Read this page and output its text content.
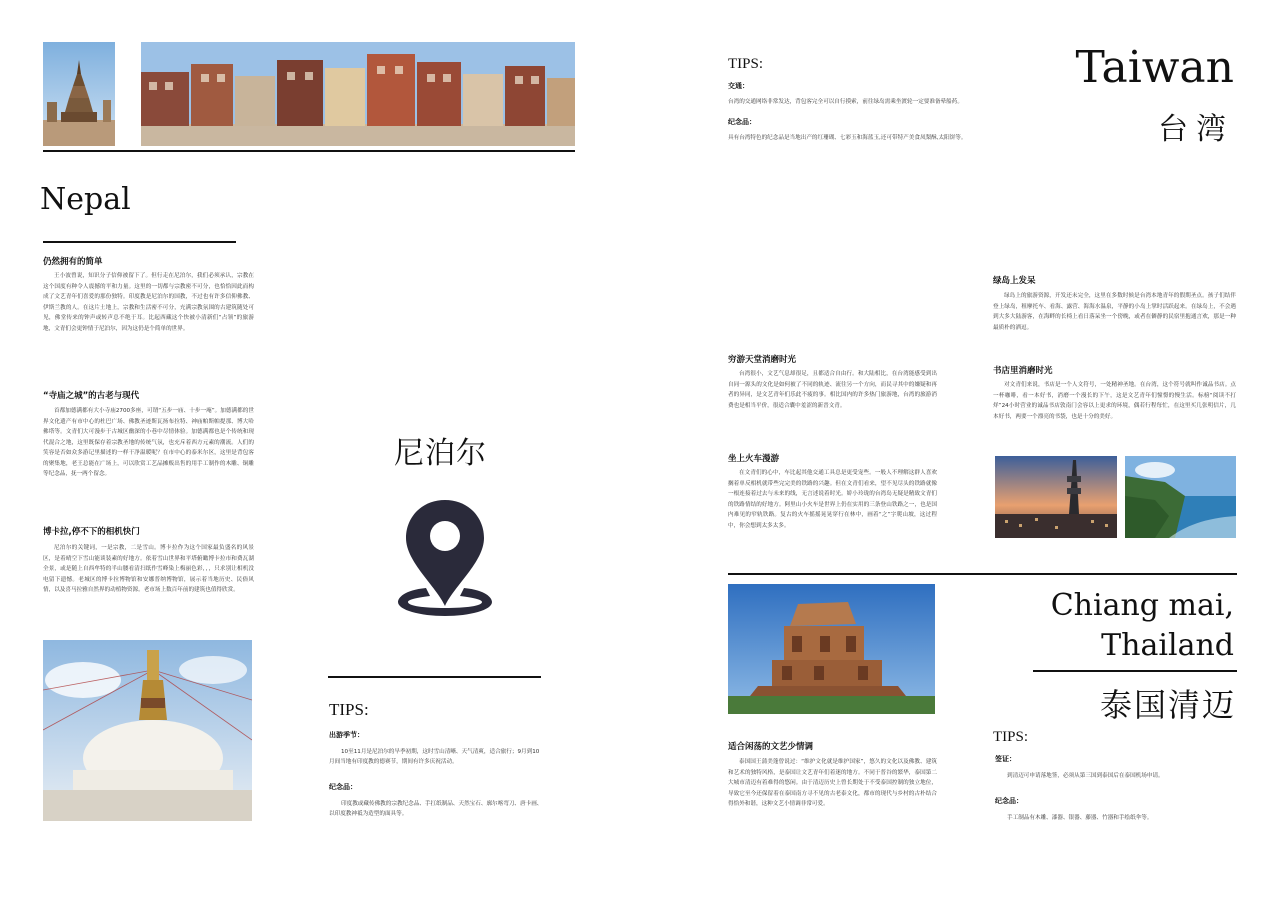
Nepal
仍然拥有的简单
王小波曾说，知识分子信仰被留下了。但行走在尼泊尔，我们必须承认，宗教在这个国度有种令人震撼的平和力量。这里的一切都与宗教密不可分，也恰恰因此而构成了文艺青年们喜爱的那份独特。印度教是尼泊尔的国教，不过也有许多信仰佛教、伊斯兰教的人。在这片土地上，宗教和生活密不可分，充满宗教氛围的古建筑随处可见，佛堂传来的钟声或转声总不绝于耳。比起西藏这个快被小清新们“占领”的旅游地，文青们会更钟情于尼泊尔，因为这仍是个简单的世界。
“寺庙之城”的古老与现代
首都加德满都有大小寺庙2700多座，可谓“五步一庙、十步一庵”。加德满都的世界文化遗产有市中心的杜巴广场、佛教圣迹斯瓦扬布拉特、神庙帕斯帕提那、博大哈佛塔等。文青们大可漫步于古城区幽深的小巷中尽情体验。加德满都也是个传统和现代混合之地，这里既保存着宗教圣地的传统气氛，也充斥着西方元素的潮流。人们的笑容是否如众多游记里描述的一样干净温暖呢？在市中心的泰米尔区，这里是背包客的聚集地，老王总能在广场上，可以欣赏工艺品摊贩出售的用手工制作的木雕、铜雕等纪念品，抚一两个留念。
博卡拉,停不下的相机快门
尼泊尔的关键词，一是宗教，二是雪山。博卡拉作为这个国家最负盛名的风景区，是着晴空下雪山能谈装素的好地方。依着雪山世界和平塔俯瞰博卡拉市和费瓦湖全景，或是随上自西牟特的半山腰看清扫纸作雪峰染上梅丽色彩，，，只求别让相机没电留下遗憾。老城区的博卡拉博物馆和安娜普纳博物馆，展示着当地历史、民俗风情，以及喜马拉雅自然界的动植物资源。老市场上数百年前的建筑也值得欣赏。
尼泊尔
TIPS:
出游季节：
10至11月是尼泊尔的旱季初期，这时雪山清晰、天气清爽，适合旅行；9月到10月间当地有印度教的德赛节，期间有许多庆祝活动。
纪念品：
印度教或藏传佛教的宗教纪念品、手扛纸制品、天然宝石、廓尔喀弯刀、唐卡画、以印度教神祗为造型的面具等。
TIPS:
交通：
台湾的交通网络非常发达，背包客完全可以自行摸索，前往绿岛需乘坐渡轮一定要准备晕船药。
纪念品：
具有台湾特色的纪念品是当地出产的红珊瑚、七彩玉和海蓝玉,还可带特产美食凤梨酥,太阳饼等。
Taiwan
台湾
绿岛上发呆
绿岛上的旅游资源，开发还未完全，这里在多数时候是台湾本地青年的假期圣点。孩子们结伴登上绿岛，租摩托车、看海、露营、海海水温泉，平静的小岛上掌时活跃起来。在绿岛上，不会遇到大多大陆游客，在海畔的长椅上看日落呆坐一个傍晚，或者在僻静的民宿里抱通言欢，那是一种最质朴的洒逗。
书店里消磨时光
对文青们来说，书店是一个人文符号，一处精神圣地。在台湾，这个符号就叫作诚品书店。点一杯咖啡，看一本好书，消磨一个漫长的下午，这是文艺青年们憧憬的慢生活。标榜“阅读不打烊”24小时营业的诚品书店敦南门会容以上更求的环境，偶若行程每忙，在这里买几张明信片，几本好书，两要一个漂亮的书袋，也是十分的美好。
穷游天堂消磨时光
台湾很小，文艺气息却很足，且都适合自由行。和大陆相比，在台湾能感受到出自同一源头的文化是如何被了不同的轨迹、流往另一个方向，而民寻其中的嫌疑和再者的异同，是文艺青年们乐此不疲的事。相比国内的许多热门旅游地，台湾的旅游消费也是相当平价，很适合囊中羞涩的新晋文青。
坐上火车漫游
在文青们的心中，车比起其他交通工具总是更受宠些。一般人不理解这群人喜欢搁着单反相机就带些完完美的铁路的兴趣。但在文青们看来，望不见尽头的铁路就像一根连接着过去与未来的线，无言述说着时光。娇小玲珑的台湾岛无疑是精致文青们的铁路情结的好地方。阿里山小火车是世界上仍在实用的三条登山铁路之一，也是国内难见的窄轨铁路。复古的火车摇摇晃晃穿行在林中，画着“之”字爬山坡，这过程中，你会想到太多太多。
Chiang mai,
Thailand
泰国清迈
适合闲荡的文艺少情调
泰国国王蒲美蓬曾说过：“维护文化就是维护国家”，悠久的文化以及佛教、建筑和艺术的独特风格，是泰国让文艺青年们着迷的地方。不同于普谷的繁华，泰国第二大城市清迈有着难得的悠闲。由于清迈历史上曾长期处于不受泰国控制的独立地位，导致它至今还保留着在泰国南方寻不见的古老泰文化，都市的现代与乡村的古朴结合得恰外和谐，这种文艺小情调非常可爱。
TIPS:
签证：
到清迈可申请落地签，必须从第三国到泰国后在泰国机场申请。
纪念品：
手工制品有木雕、漆器、银器、藤器、竹器和手绘纸伞等。
